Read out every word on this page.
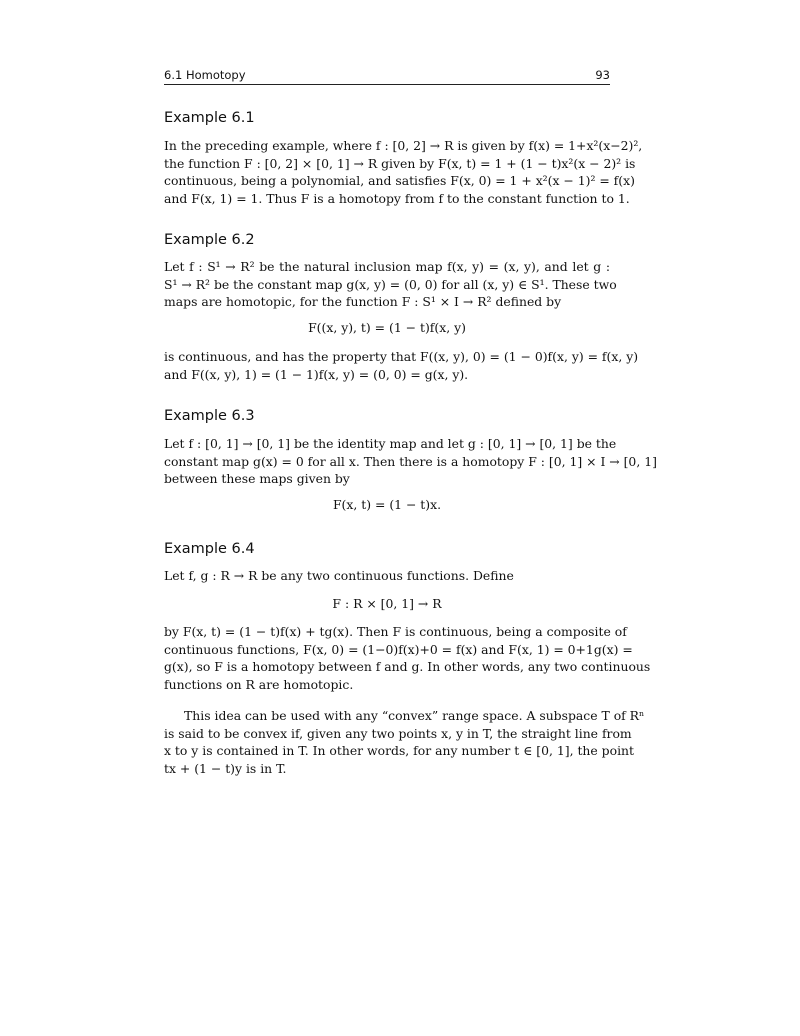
6.1 Homotopy	93
Example 6.1
In the preceding example, where f : [0, 2] → R is given by f(x) = 1+x²(x−2)²,
the function F : [0, 2] × [0, 1] → R given by F(x, t) = 1 + (1 − t)x²(x − 2)² is
continuous, being a polynomial, and satisfies F(x, 0) = 1 + x²(x − 1)² = f(x)
and F(x, 1) = 1. Thus F is a homotopy from f to the constant function to 1.
Example 6.2
Let f : S¹ → R² be the natural inclusion map f(x, y) = (x, y), and let g :
S¹ → R² be the constant map g(x, y) = (0, 0) for all (x, y) ∈ S¹. These two
maps are homotopic, for the function F : S¹ × I → R² defined by
F((x, y), t) = (1 − t)f(x, y)
is continuous, and has the property that F((x, y), 0) = (1 − 0)f(x, y) = f(x, y)
and F((x, y), 1) = (1 − 1)f(x, y) = (0, 0) = g(x, y).
Example 6.3
Let f : [0, 1] → [0, 1] be the identity map and let g : [0, 1] → [0, 1] be the
constant map g(x) = 0 for all x. Then there is a homotopy F : [0, 1] × I → [0, 1]
between these maps given by
F(x, t) = (1 − t)x.
Example 6.4
Let f, g : R → R be any two continuous functions. Define
F : R × [0, 1] → R
by F(x, t) = (1 − t)f(x) + tg(x). Then F is continuous, being a composite of
continuous functions, F(x, 0) = (1−0)f(x)+0 = f(x) and F(x, 1) = 0+1g(x) =
g(x), so F is a homotopy between f and g. In other words, any two continuous
functions on R are homotopic.
This idea can be used with any “convex” range space. A subspace T of Rⁿ
is said to be convex if, given any two points x, y in T, the straight line from
x to y is contained in T. In other words, for any number t ∈ [0, 1], the point
tx + (1 − t)y is in T.
